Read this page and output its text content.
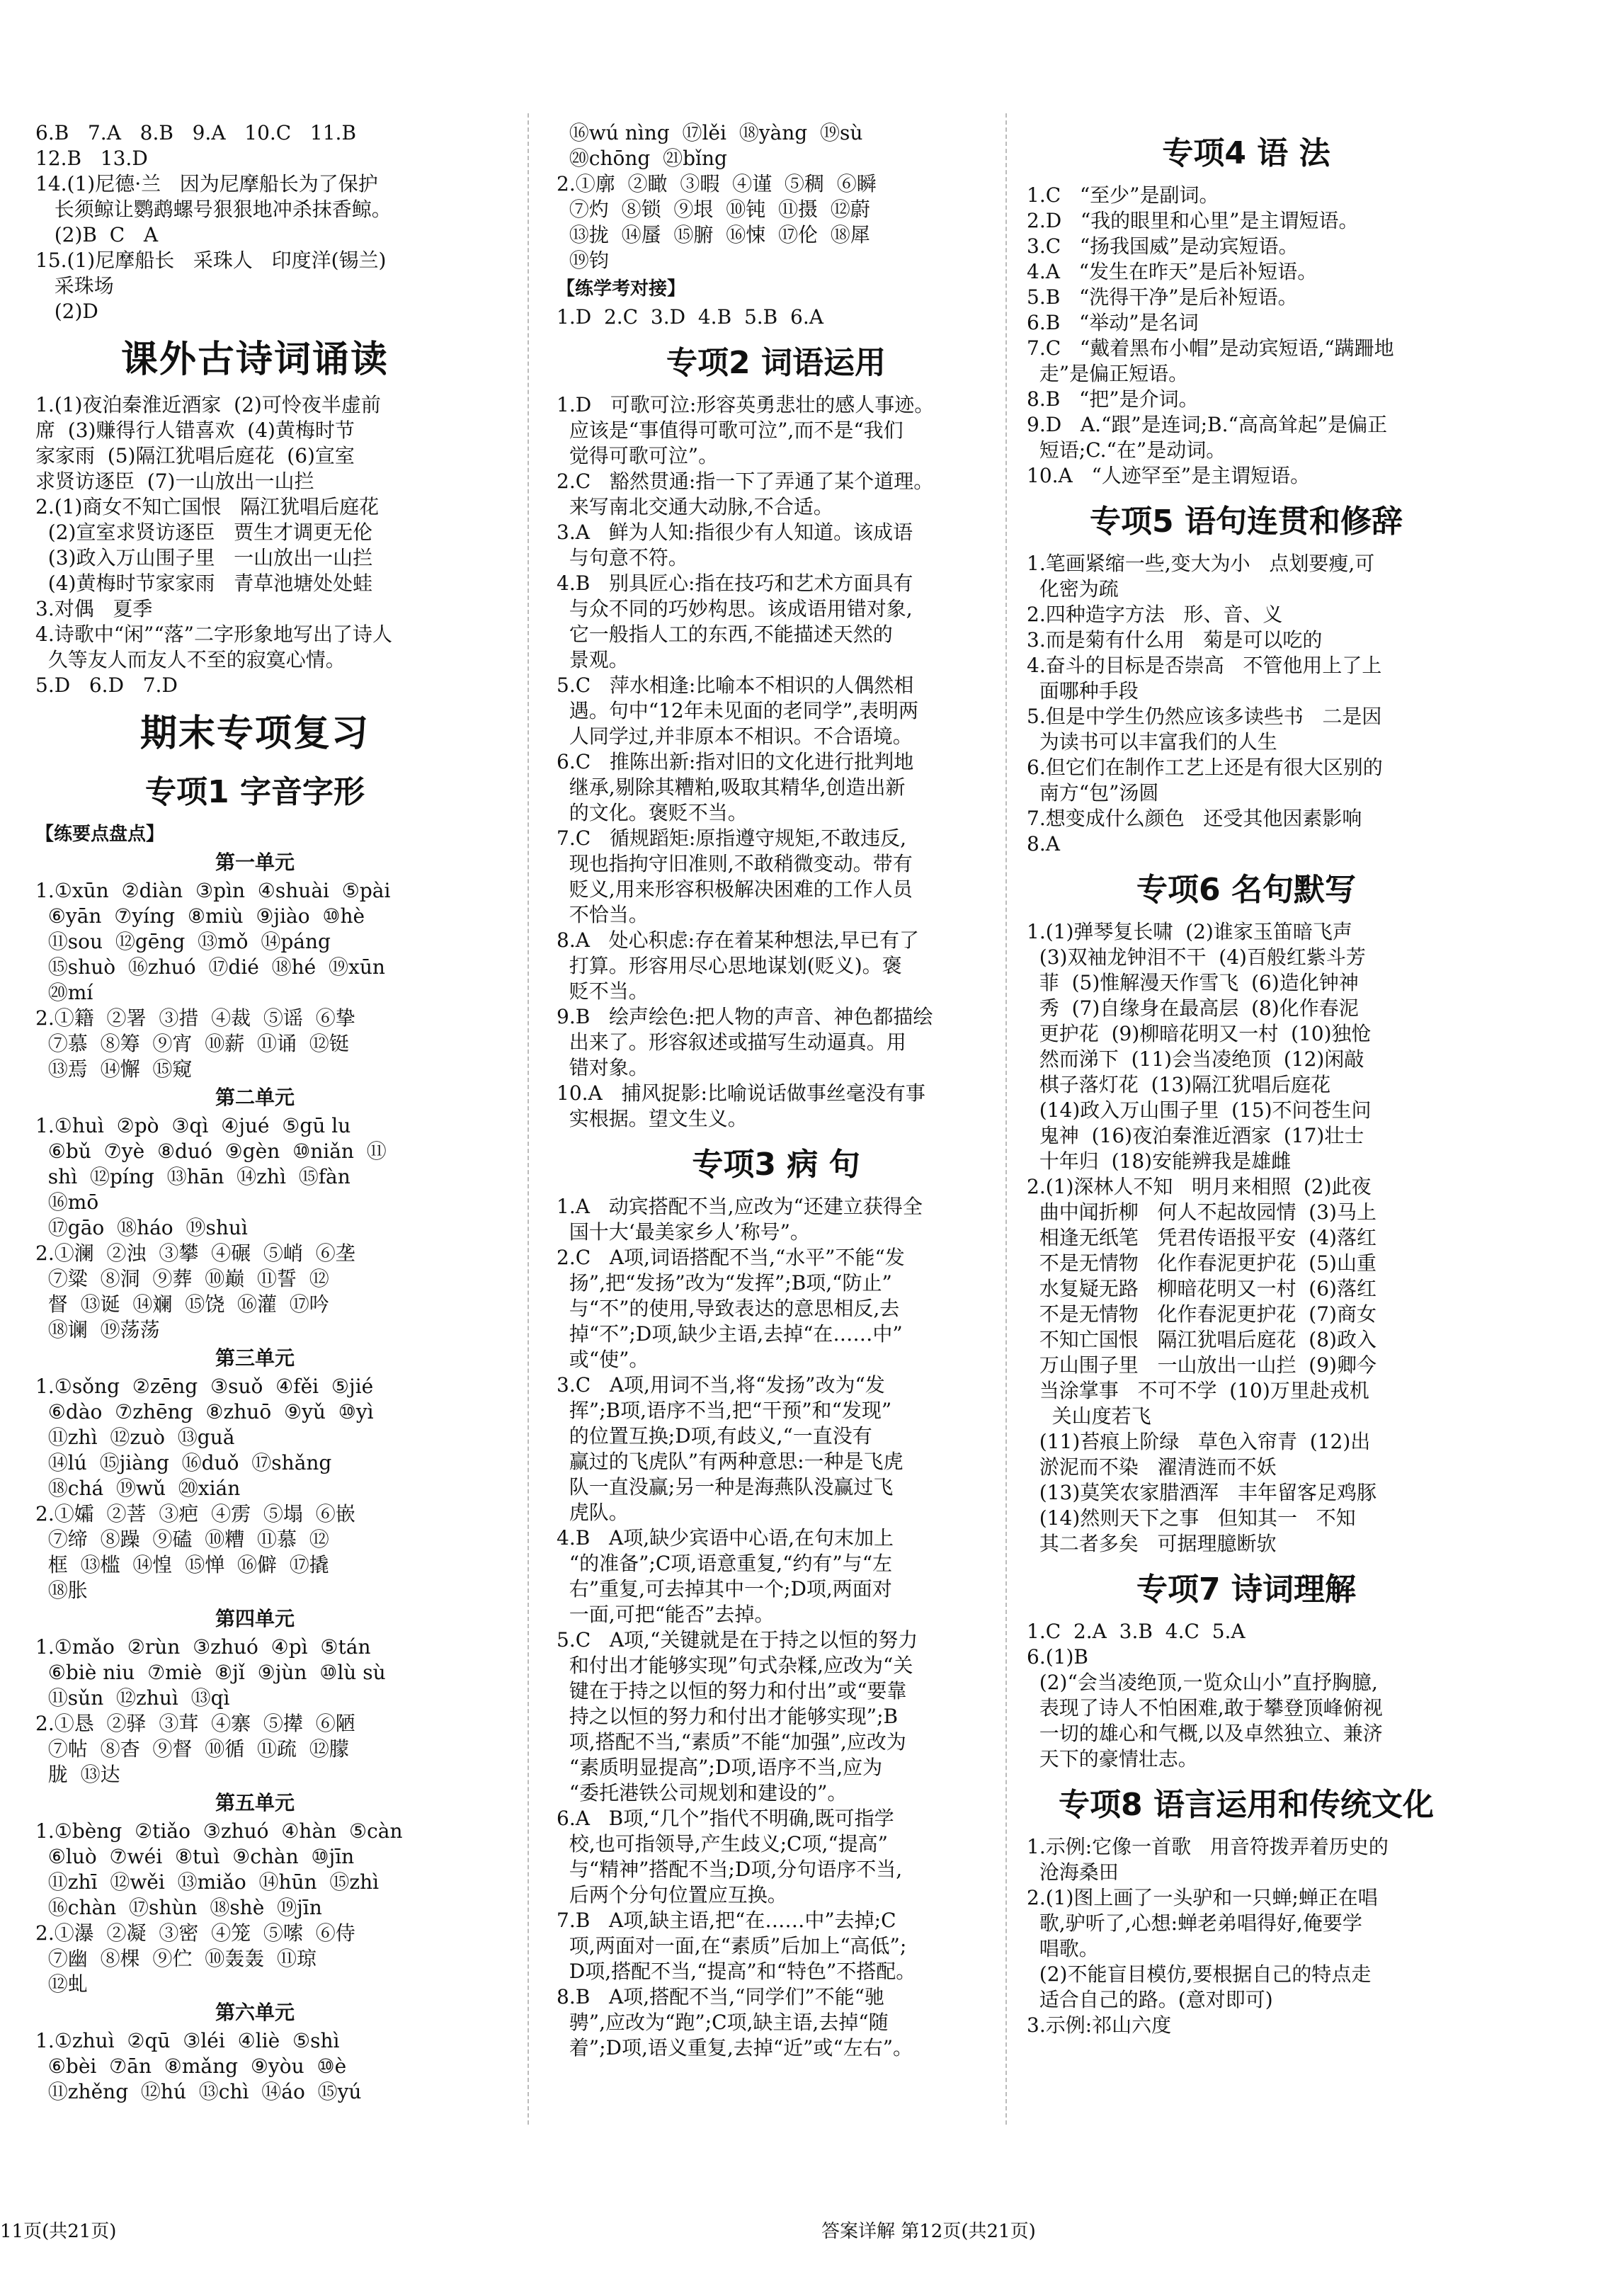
6.B   7.A   8.B   9.A   10.C   11.B
12.B   13.D
14.(1)尼德·兰   因为尼摩船长为了保护
长须鲸让鹦鹉螺号狠狠地冲杀抹香鲸。
(2)B  C   A
15.(1)尼摩船长   采珠人   印度洋(锡兰)
采珠场
(2)D
课外古诗词诵读
1.(1)夜泊秦淮近酒家  (2)可怜夜半虚前
席  (3)赚得行人错喜欢  (4)黄梅时节
家家雨  (5)隔江犹唱后庭花  (6)宣室
求贤访逐臣  (7)一山放出一山拦
2.(1)商女不知亡国恨   隔江犹唱后庭花
(2)宣室求贤访逐臣   贾生才调更无伦
(3)政入万山围子里   一山放出一山拦
(4)黄梅时节家家雨   青草池塘处处蛙
3.对偶   夏季
4.诗歌中“闲”“落”二字形象地写出了诗人
久等友人而友人不至的寂寞心情。
5.D   6.D   7.D
期末专项复习
专项1 字音字形
【练要点盘点】
第一单元
1.①xūn  ②diàn  ③pìn  ④shuài  ⑤pài
⑥yān  ⑦yíng  ⑧miù  ⑨jiào  ⑩hè
⑪sou  ⑫gēng  ⑬mǒ  ⑭páng
⑮shuò  ⑯zhuó  ⑰dié  ⑱hé  ⑲xūn
⑳mí
2.①籍  ②署  ③措  ④裁  ⑤谣  ⑥挚
⑦慕  ⑧筹  ⑨宵  ⑩薪  ⑪诵  ⑫铤
⑬焉  ⑭懈  ⑮窥
第二单元
1.①huì  ②pò  ③qì  ④jué  ⑤gū lu
⑥bǔ  ⑦yè  ⑧duó  ⑨gèn  ⑩niǎn  ⑪
shì  ⑫píng  ⑬hān  ⑭zhì  ⑮fàn
⑯mō
⑰gāo  ⑱háo  ⑲shuì
2.①澜  ②浊  ③攀  ④碾  ⑤峭  ⑥垄
⑦粱  ⑧洞  ⑨葬  ⑩巅  ⑪誓  ⑫
督  ⑬诞  ⑭斓  ⑮饶  ⑯灌  ⑰吟
⑱谰  ⑲荡荡
第三单元
1.①sǒng  ②zēng  ③suǒ  ④fěi  ⑤jié
⑥dào  ⑦zhēng  ⑧zhuō  ⑨yǔ  ⑩yì
⑪zhì  ⑫zuò  ⑬guǎ
⑭lú  ⑮jiàng  ⑯duǒ  ⑰shǎng
⑱chá  ⑲wǔ  ⑳xián
2.①孀  ②菩  ③疤  ④雳  ⑤塌  ⑥嵌
⑦缔  ⑧躁  ⑨磕  ⑩糟  ⑪慕  ⑫
框  ⑬槛  ⑭惶  ⑮惮  ⑯僻  ⑰撬
⑱胀
第四单元
1.①mǎo  ②rùn  ③zhuó  ④pì  ⑤tán
⑥biè niu  ⑦miè  ⑧jǐ  ⑨jùn  ⑩lù sù
⑪sǔn  ⑫zhuì  ⑬qì
2.①恳  ②驿  ③茸  ④寨  ⑤撵  ⑥陋
⑦帖  ⑧杳  ⑨督  ⑩循  ⑪疏  ⑫朦
胧  ⑬达
第五单元
1.①bèng  ②tiǎo  ③zhuó  ④hàn  ⑤càn
⑥luò  ⑦wéi  ⑧tuì  ⑨chàn  ⑩jīn
⑪zhī  ⑫wěi  ⑬miǎo  ⑭hūn  ⑮zhì
⑯chàn  ⑰shùn  ⑱shè  ⑲jīn
2.①瀑  ②凝  ③密  ④笼  ⑤嗦  ⑥侍
⑦幽  ⑧棵  ⑨伫  ⑩轰轰  ⑪琼
⑫虬
第六单元
1.①zhuì  ②qū  ③léi  ④liè  ⑤shì
⑥bèi  ⑦ān  ⑧mǎng  ⑨yòu  ⑩è
⑪zhěng  ⑫hú  ⑬chì  ⑭áo  ⑮yú
⑯wú nìng  ⑰lěi  ⑱yàng  ⑲sù
⑳chōng  ㉑bǐng
2.①廓  ②瞰  ③暇  ④谨  ⑤稠  ⑥瞬
⑦灼  ⑧锁  ⑨垠  ⑩钝  ⑪摄  ⑫蔚
⑬拢  ⑭蜃  ⑮腑  ⑯悚  ⑰伦  ⑱犀
⑲钧
【练学考对接】
1.D  2.C  3.D  4.B  5.B  6.A
专项2 词语运用
1.D   可歌可泣:形容英勇悲壮的感人事迹。
应该是“事值得可歌可泣”,而不是“我们
觉得可歌可泣”。
2.C   豁然贯通:指一下了弄通了某个道理。
来写南北交通大动脉,不合适。
3.A   鲜为人知:指很少有人知道。该成语
与句意不符。
4.B   别具匠心:指在技巧和艺术方面具有
与众不同的巧妙构思。该成语用错对象,
它一般指人工的东西,不能描述天然的
景观。
5.C   萍水相逢:比喻本不相识的人偶然相
遇。句中“12年未见面的老同学”,表明两
人同学过,并非原本不相识。不合语境。
6.C   推陈出新:指对旧的文化进行批判地
继承,剔除其糟粕,吸取其精华,创造出新
的文化。褒贬不当。
7.C   循规蹈矩:原指遵守规矩,不敢违反,
现也指拘守旧准则,不敢稍微变动。带有
贬义,用来形容积极解决困难的工作人员
不恰当。
8.A   处心积虑:存在着某种想法,早已有了
打算。形容用尽心思地谋划(贬义)。褒
贬不当。
9.B   绘声绘色:把人物的声音、神色都描绘
出来了。形容叙述或描写生动逼真。用
错对象。
10.A   捕风捉影:比喻说话做事丝毫没有事
实根据。望文生义。
专项3 病 句
1.A   动宾搭配不当,应改为“还建立获得全
国十大‘最美家乡人’称号”。
2.C   A项,词语搭配不当,“水平”不能“发
扬”,把“发扬”改为“发挥”;B项,“防止”
与“不”的使用,导致表达的意思相反,去
掉“不”;D项,缺少主语,去掉“在……中”
或“使”。
3.C   A项,用词不当,将“发扬”改为“发
挥”;B项,语序不当,把“干预”和“发现”
的位置互换;D项,有歧义,“一直没有
赢过的飞虎队”有两种意思:一种是飞虎
队一直没赢;另一种是海燕队没赢过飞
虎队。
4.B   A项,缺少宾语中心语,在句末加上
“的准备”;C项,语意重复,“约有”与“左
右”重复,可去掉其中一个;D项,两面对
一面,可把“能否”去掉。
5.C   A项,“关键就是在于持之以恒的努力
和付出才能够实现”句式杂糅,应改为“关
键在于持之以恒的努力和付出”或“要靠
持之以恒的努力和付出才能够实现”;B
项,搭配不当,“素质”不能“加强”,应改为
“素质明显提高”;D项,语序不当,应为
“委托港铁公司规划和建设的”。
6.A   B项,“几个”指代不明确,既可指学
校,也可指领导,产生歧义;C项,“提高”
与“精神”搭配不当;D项,分句语序不当,
后两个分句位置应互换。
7.B   A项,缺主语,把“在……中”去掉;C
项,两面对一面,在“素质”后加上“高低”;
D项,搭配不当,“提高”和“特色”不搭配。
8.B   A项,搭配不当,“同学们”不能“驰
骋”,应改为“跑”;C项,缺主语,去掉“随
着”;D项,语义重复,去掉“近”或“左右”。
专项4 语 法
1.C   “至少”是副词。
2.D   “我的眼里和心里”是主谓短语。
3.C   “扬我国威”是动宾短语。
4.A   “发生在昨天”是后补短语。
5.B   “洗得干净”是后补短语。
6.B   “举动”是名词
7.C   “戴着黑布小帽”是动宾短语,“蹒跚地
走”是偏正短语。
8.B   “把”是介词。
9.D   A.“跟”是连词;B.“高高耸起”是偏正
短语;C.“在”是动词。
10.A   “人迹罕至”是主谓短语。
专项5 语句连贯和修辞
1.笔画紧缩一些,变大为小   点划要瘦,可
化密为疏
2.四种造字方法   形、音、义
3.而是菊有什么用   菊是可以吃的
4.奋斗的目标是否崇高   不管他用上了上
面哪种手段
5.但是中学生仍然应该多读些书   二是因
为读书可以丰富我们的人生
6.但它们在制作工艺上还是有很大区别的
南方“包”汤圆
7.想变成什么颜色   还受其他因素影响
8.A
专项6 名句默写
1.(1)弹琴复长啸  (2)谁家玉笛暗飞声
(3)双袖龙钟泪不干  (4)百般红紫斗芳
菲  (5)惟解漫天作雪飞  (6)造化钟神
秀  (7)自缘身在最高层  (8)化作春泥
更护花  (9)柳暗花明又一村  (10)独怆
然而涕下  (11)会当凌绝顶  (12)闲敲
棋子落灯花  (13)隔江犹唱后庭花
(14)政入万山围子里  (15)不问苍生问
鬼神  (16)夜泊秦淮近酒家  (17)壮士
十年归  (18)安能辨我是雄雌
2.(1)深林人不知   明月来相照  (2)此夜
曲中闻折柳   何人不起故园情  (3)马上
相逢无纸笔   凭君传语报平安  (4)落红
不是无情物   化作春泥更护花  (5)山重
水复疑无路   柳暗花明又一村  (6)落红
不是无情物   化作春泥更护花  (7)商女
不知亡国恨   隔江犹唱后庭花  (8)政入
万山围子里   一山放出一山拦  (9)卿今
当涂掌事   不可不学  (10)万里赴戎机
关山度若飞
(11)苔痕上阶绿   草色入帘青  (12)出
淤泥而不染   濯清涟而不妖
(13)莫笑农家腊酒浑   丰年留客足鸡豚
(14)然则天下之事   但知其一   不知
其二者多矣   可据理臆断欤
专项7 诗词理解
1.C  2.A  3.B  4.C  5.A
6.(1)B
(2)“会当凌绝顶,一览众山小”直抒胸臆,
表现了诗人不怕困难,敢于攀登顶峰俯视
一切的雄心和气概,以及卓然独立、兼济
天下的豪情壮志。
专项8 语言运用和传统文化
1.示例:它像一首歌   用音符拨弄着历史的
沧海桑田
2.(1)图上画了一头驴和一只蝉;蝉正在唱
歌,驴听了,心想:蝉老弟唱得好,俺要学
唱歌。
(2)不能盲目模仿,要根据自己的特点走
适合自己的路。(意对即可)
3.示例:祁山六度
11页(共21页)	答案详解 第12页(共21页)
